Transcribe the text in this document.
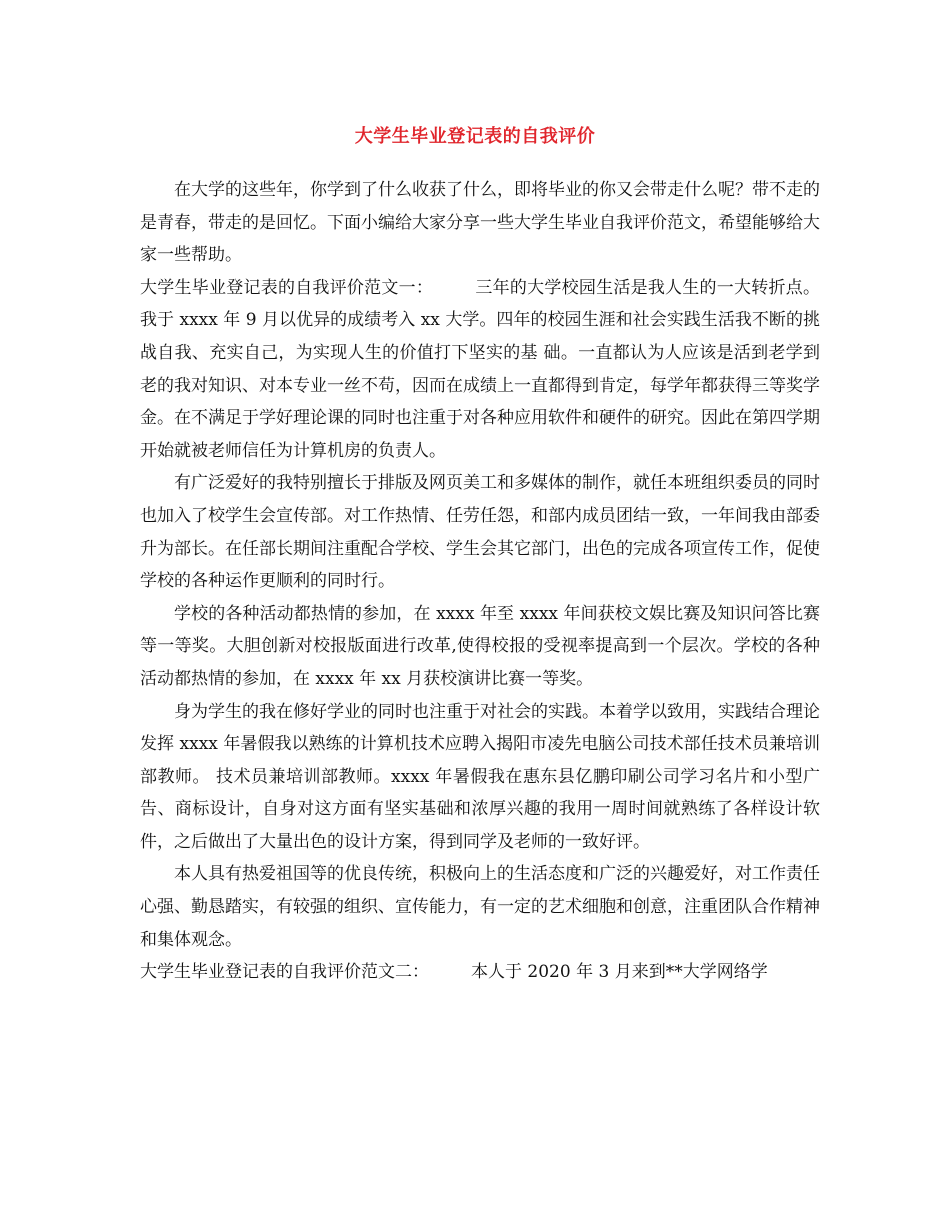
大学生毕业登记表的自我评价

在大学的这些年，你学到了什么收获了什么，即将毕业的你又会带走什么呢？带不走的是青春，带走的是回忆。下面小编给大家分享一些大学生毕业自我评价范文，希望能够给大家一些帮助。

大学生毕业登记表的自我评价范文一： 三年的大学校园生活是我人生的一大转折点。我于 xxxx 年 9 月以优异的成绩考入 xx 大学。四年的校园生涯和社会实践生活我不断的挑战自我、充实自己，为实现人生的价值打下坚实的基 础。一直都认为人应该是活到老学到老的我对知识、对本专业一丝不苟，因而在成绩上一直都得到肯定，每学年都获得三等奖学金。在不满足于学好理论课的同时也注重于对各种应用软件和硬件的研究。因此在第四学期开始就被老师信任为计算机房的负责人。

有广泛爱好的我特别擅长于排版及网页美工和多媒体的制作，就任本班组织委员的同时也加入了校学生会宣传部。对工作热情、任劳任怨，和部内成员团结一致，一年间我由部委升为部长。在任部长期间注重配合学校、学生会其它部门，出色的完成各项宣传工作，促使学校的各种运作更顺利的同时行。

学校的各种活动都热情的参加，在 xxxx 年至 xxxx 年间获校文娱比赛及知识问答比赛等一等奖。大胆创新对校报版面进行改革,使得校报的受视率提高到一个层次。学校的各种活动都热情的参加，在 xxxx 年 xx 月获校演讲比赛一等奖。

身为学生的我在修好学业的同时也注重于对社会的实践。本着学以致用，实践结合理论发挥 xxxx 年暑假我以熟练的计算机技术应聘入揭阳市凌先电脑公司技术部任技术员兼培训部教师。 技术员兼培训部教师。xxxx 年暑假我在惠东县亿鹏印刷公司学习名片和小型广告、商标设计，自身对这方面有坚实基础和浓厚兴趣的我用一周时间就熟练了各样设计软件，之后做出了大量出色的设计方案，得到同学及老师的一致好评。

本人具有热爱祖国等的优良传统，积极向上的生活态度和广泛的兴趣爱好，对工作责任心强、勤恳踏实，有较强的组织、宣传能力，有一定的艺术细胞和创意，注重团队合作精神和集体观念。

大学生毕业登记表的自我评价范文二： 本人于 2020 年 3 月来到**大学网络学
